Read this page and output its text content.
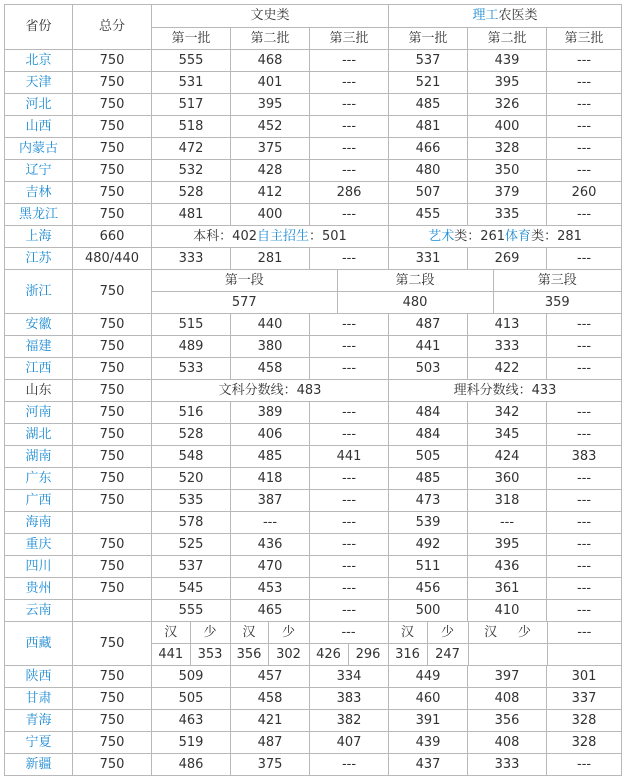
省份	总分	文史类	理工农医类
第一批	第二批	第三批	第一批	第二批	第三批
北京	750	555	468	---	537	439	---
天津	750	531	401	---	521	395	---
河北	750	517	395	---	485	326	---
山西	750	518	452	---	481	400	---
内蒙古	750	472	375	---	466	328	---
辽宁	750	532	428	---	480	350	---
吉林	750	528	412	286	507	379	260
黑龙江	750	481	400	---	455	335	---
上海	660	本科：402自主招生：501	艺术类：261体育类：281
江苏	480/440	333	281	---	331	269	---
浙江	750	
第一段	第二段	第三段
577	480	359

安徽	750	515	440	---	487	413	---
福建	750	489	380	---	441	333	---
江西	750	533	458	---	503	422	---
山东	750	文科分数线：483	理科分数线：433
河南	750	516	389	---	484	342	---
湖北	750	528	406	---	484	345	---
湖南	750	548	485	441	505	424	383
广东	750	520	418	---	485	360	---
广西	750	535	387	---	473	318	---
海南		578	---	---	539	---	---
重庆	750	525	436	---	492	395	---
四川	750	537	470	---	511	436	---
贵州	750	545	453	---	456	361	---
云南		555	465	---	500	410	---
西藏	750	
汉	少	汉	少	---	汉	少	汉 少	---
441	353	356	302	426	296	316	247		

陕西	750	509	457	334	449	397	301
甘肃	750	505	458	383	460	408	337
青海	750	463	421	382	391	356	328
宁夏	750	519	487	407	439	408	328
新疆	750	486	375	---	437	333	---
